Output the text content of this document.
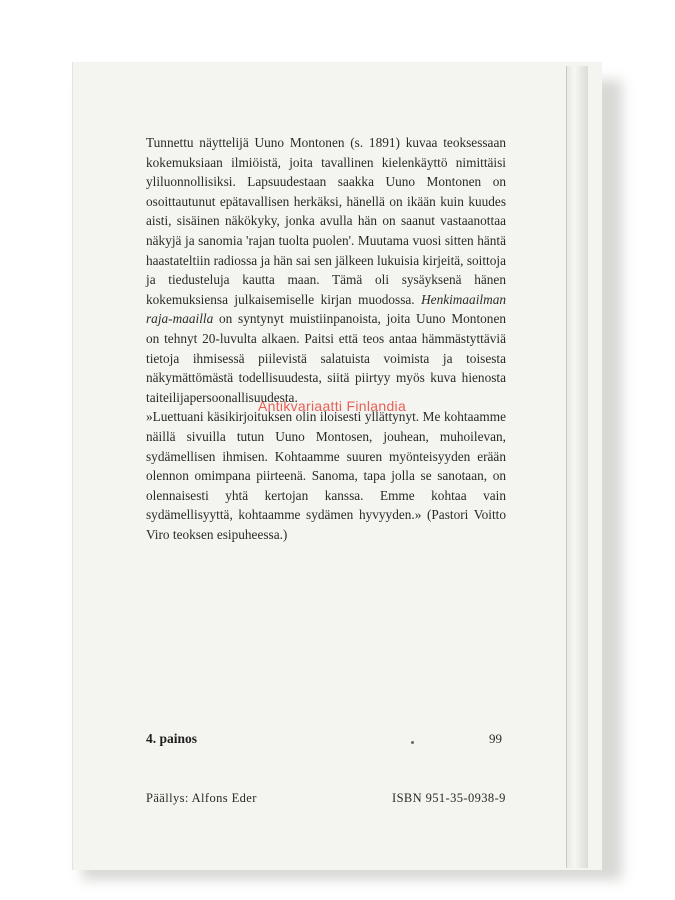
Tunnettu näyttelijä Uuno Montonen (s. 1891) kuvaa teoksessaan kokemuksiaan ilmiöistä, joita tavallinen kielenkäyttö nimittäisi yliluonnollisiksi. Lapsuudestaan saakka Uuno Montonen on osoittautunut epätavallisen herkäksi, hänellä on ikään kuin kuudes aisti, sisäinen näkökyky, jonka avulla hän on saanut vastaanottaa näkyjä ja sanomia 'rajan tuolta puolen'. Muutama vuosi sitten häntä haastateltiin radiossa ja hän sai sen jälkeen lukuisia kirjeitä, soittoja ja tiedusteluja kautta maan. Tämä oli sysäyksenä hänen kokemuksiensa julkaisemiselle kirjan muodossa. Henkimaailman raja-maailla on syntynyt muistiinpanoista, joita Uuno Montonen on tehnyt 20-luvulta alkaen. Paitsi että teos antaa hämmästyttäviä tietoja ihmisessä piilevistä salatuista voimista ja toisesta näkymättömästä todellisuudesta, siitä piirtyy myös kuva hienosta taiteilijapersoonallisuudesta.

»Luettuani käsikirjoituksen olin iloisesti yllättynyt. Me kohtaamme näillä sivuilla tutun Uuno Montosen, jouhean, muhoilevan, sydämellisen ihmisen. Kohtaamme suuren myönteisyyden erään olennon omimpana piirteenä. Sanoma, tapa jolla se sanotaan, on olennaisesti yhtä kertojan kanssa. Emme kohtaa vain sydämellisyyttä, kohtaamme sydämen hyvyyden.» (Pastori Voitto Viro teoksen esipuheessa.)

Antikvariaatti Finlandia
4. painos	99
Päällys: Alfons Eder	ISBN 951-35-0938-9
